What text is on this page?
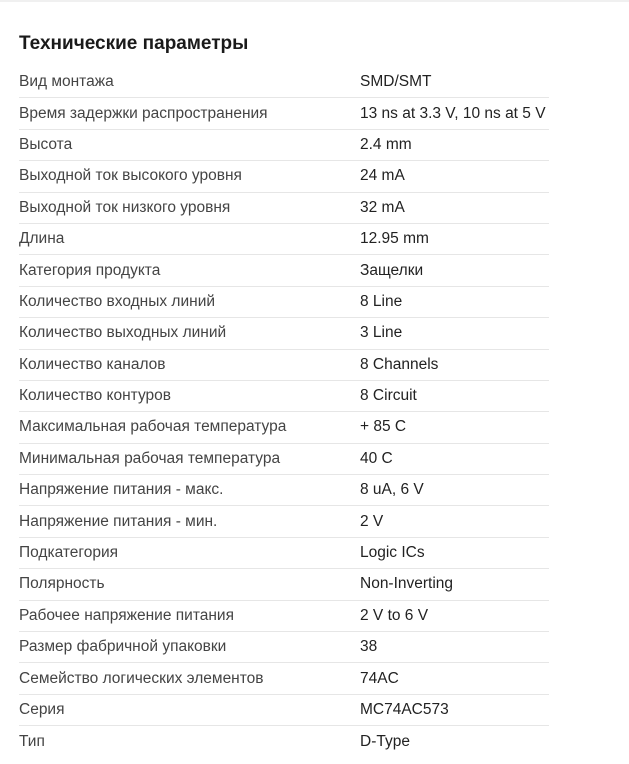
Технические параметры
Вид монтажа	SMD/SMT
Время задержки распространения	13 ns at 3.3 V, 10 ns at 5 V
Высота	2.4 mm
Выходной ток высокого уровня	24 mA
Выходной ток низкого уровня	32 mA
Длина	12.95 mm
Категория продукта	Защелки
Количество входных линий	8 Line
Количество выходных линий	3 Line
Количество каналов	8 Channels
Количество контуров	8 Circuit
Максимальная рабочая температура	+ 85 C
Минимальная рабочая температура	40 C
Напряжение питания - макс.	8 uA, 6 V
Напряжение питания - мин.	2 V
Подкатегория	Logic ICs
Полярность	Non-Inverting
Рабочее напряжение питания	2 V to 6 V
Размер фабричной упаковки	38
Семейство логических элементов	74AC
Серия	MC74AC573
Тип	D-Type
